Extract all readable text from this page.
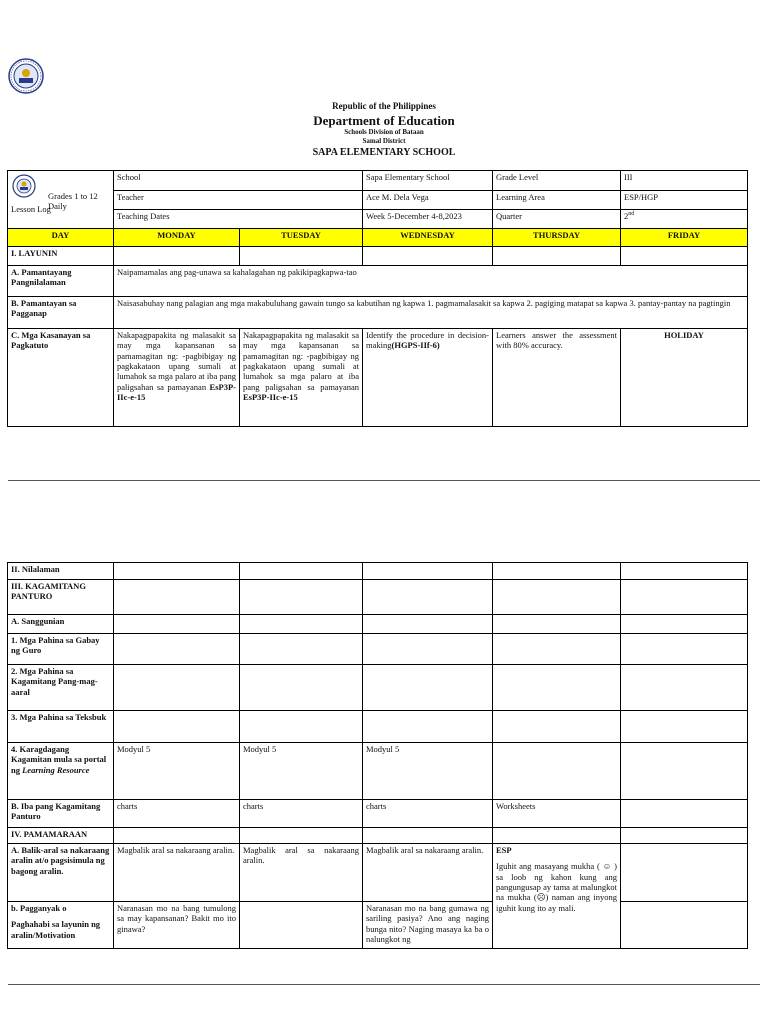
Republic of the Philippines
Department of Education
Schools Division of Bataan
Samal District
SAPA ELEMENTARY SCHOOL
Grades 1 to 12 Daily
Lesson Log	School		Sapa Elementary School	Grade Level	III
	Teacher		Ace M. Dela Vega	Learning Area	ESP/HGP
	Teaching Dates		Week 5-December 4-8,2023	Quarter	2nd
DAY	MONDAY	TUESDAY	WEDNESDAY	THURSDAY	FRIDAY
I. LAYUNIN					
A. Pamantayang Pangnilalaman	Naipamamalas ang pag-unawa sa kahalagahan ng pakikipagkapwa-tao				
B. Pamantayan sa Pagganap	Naisasabuhay nang palagian ang mga makabuluhang gawain tungo sa kabutihan ng kapwa 1. pagmamalasakit sa kapwa 2. pagiging matapat sa kapwa 3. pantay-pantay na pagtingin				
C. Mga Kasanayan sa Pagkatuto	Nakapagpapakita ng malasakit sa may mga kapansanan sa pamamagitan ng: -pagbibigay ng pagkakataon upang sumali at lumahok sa mga palaro at iba pang paligsahan sa pamayanan EsP3P-IIc-e-15	Nakapagpapakita ng malasakit sa may mga kapansanan sa pamamagitan ng: -pagbibigay ng pagkakataon upang sumali at lumahok sa mga palaro at iba pang paligsahan sa pamayanan EsP3P-IIc-e-15	Identify the procedure in decision-making(HGPS-IIf-6)	Learners answer the assessment with 80% accuracy.	HOLIDAY
II. Nilalaman					
III. KAGAMITANG PANTURO					
A. Sanggunian					
1. Mga Pahina sa Gabay ng Guro					
2. Mga Pahina sa Kagamitang Pang-mag-aaral					
3. Mga Pahina sa Teksbuk					
4. Karagdagang Kagamitan mula sa portal ng Learning Resource	Modyul 5	Modyul 5	Modyul 5		
B. Iba pang Kagamitang Panturo	charts	charts	charts	Worksheets	
IV. PAMAMARAAN					
A. Balik-aral sa nakaraang aralin at/o pagsisimula ng bagong aralin.	Magbalik aral sa nakaraang aralin.	Magbalik aral sa nakaraang aralin.	Magbalik aral sa nakaraang aralin.	ESP
Iguhit ang masayang mukha ( ☺ ) sa loob ng kahon kung ang pangungusap ay tama at malungkot na mukha (☹) naman ang inyong iguhit kung ito ay mali.	

b. Pagganyak o
Paghahabi sa layunin ng aralin/Motivation	Naranasan mo na bang tumulong sa may kapansanan? Bakit mo ito ginawa?		Naranasan mo na bang gumawa ng sariling pasiya? Ano ang naging bunga nito? Naging masaya ka ba o nalungkot ng		
